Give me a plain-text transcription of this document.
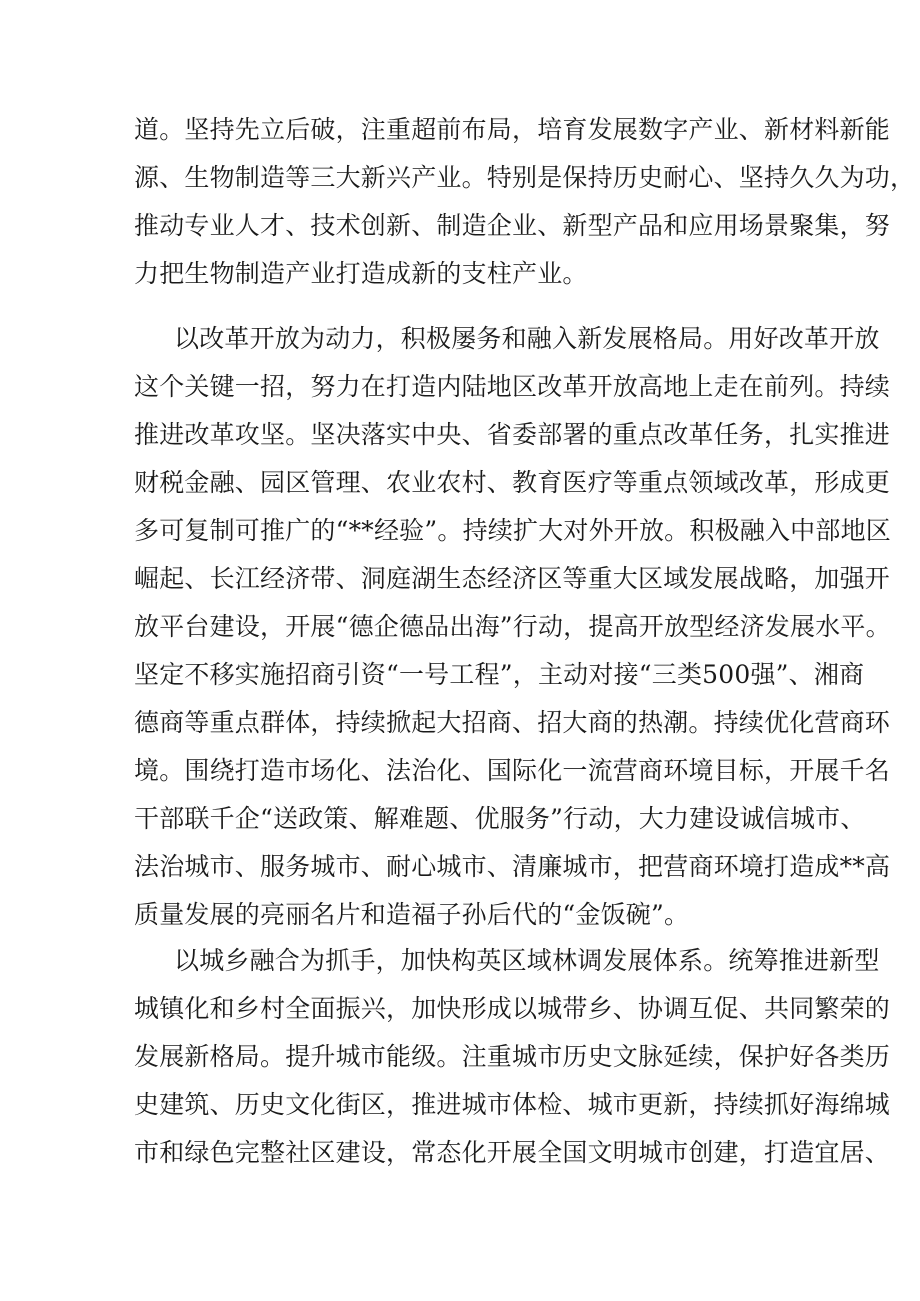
道。坚持先立后破，注重超前布局，培育发展数字产业、新材料新能
源、生物制造等三大新兴产业。特别是保持历史耐心、坚持久久为功，
推动专业人才、技术创新、制造企业、新型产品和应用场景聚集，努
力把生物制造产业打造成新的支柱产业。
以改革开放为动力，积极屡务和融入新发展格局。用好改革开放
这个关键一招，努力在打造内陆地区改革开放高地上走在前列。持续
推进改革攻坚。坚决落实中央、省委部署的重点改革任务，扎实推进
财税金融、园区管理、农业农村、教育医疗等重点领域改革，形成更
多可复制可推广的“**经验”。持续扩大对外开放。积极融入中部地区
崛起、长江经济带、洞庭湖生态经济区等重大区域发展战略，加强开
放平台建设，开展“德企德品出海”行动，提高开放型经济发展水平。
坚定不移实施招商引资“一号工程”，主动对接“三类500强”、湘商
德商等重点群体，持续掀起大招商、招大商的热潮。持续优化营商环
境。围绕打造市场化、法治化、国际化一流营商环境目标，开展千名
干部联千企“送政策、解难题、优服务”行动，大力建设诚信城市、
法治城市、服务城市、耐心城市、清廉城市，把营商环境打造成**高
质量发展的亮丽名片和造福子孙后代的“金饭碗”。
以城乡融合为抓手，加快构英区域林调发展体系。统筹推进新型
城镇化和乡村全面振兴，加快形成以城带乡、协调互促、共同繁荣的
发展新格局。提升城市能级。注重城市历史文脉延续，保护好各类历
史建筑、历史文化街区，推进城市体检、城市更新，持续抓好海绵城
市和绿色完整社区建设，常态化开展全国文明城市创建，打造宜居、
